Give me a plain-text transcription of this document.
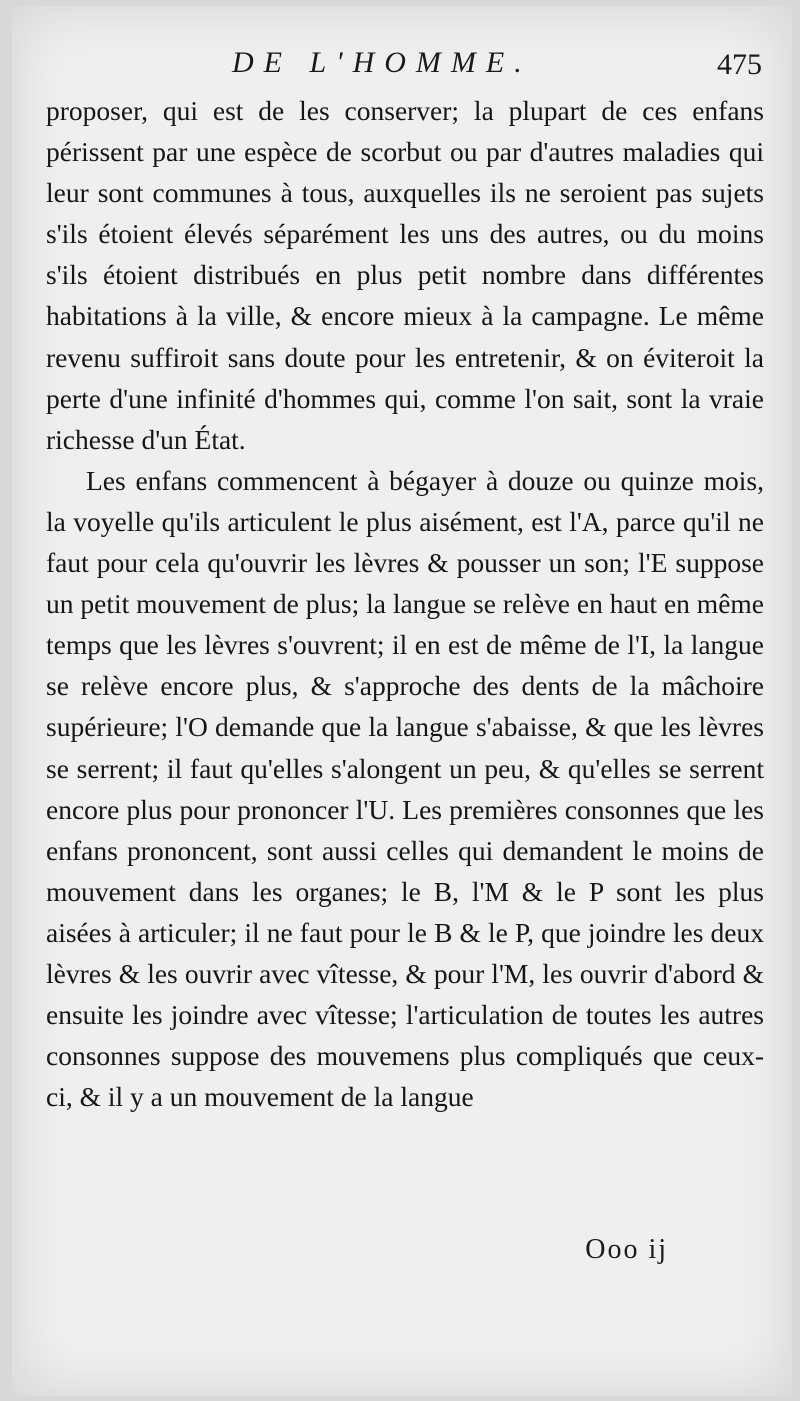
DE L'HOMME.	475

proposer, qui est de les conserver; la plupart de ces enfans périssent par une espèce de scorbut ou par d'autres maladies qui leur sont communes à tous, auxquelles ils ne seroient pas sujets s'ils étoient élevés séparément les uns des autres, ou du moins s'ils étoient distribués en plus petit nombre dans différentes habitations à la ville, & encore mieux à la campagne. Le même revenu suffiroit sans doute pour les entretenir, & on éviteroit la perte d'une infinité d'hommes qui, comme l'on sait, sont la vraie richesse d'un État.

Les enfans commencent à bégayer à douze ou quinze mois, la voyelle qu'ils articulent le plus aisément, est l'A, parce qu'il ne faut pour cela qu'ouvrir les lèvres & pousser un son; l'E suppose un petit mouvement de plus; la langue se relève en haut en même temps que les lèvres s'ouvrent; il en est de même de l'I, la langue se relève encore plus, & s'approche des dents de la mâchoire supérieure; l'O demande que la langue s'abaisse, & que les lèvres se serrent; il faut qu'elles s'alongent un peu, & qu'elles se serrent encore plus pour prononcer l'U. Les premières consonnes que les enfans prononcent, sont aussi celles qui demandent le moins de mouvement dans les organes; le B, l'M & le P sont les plus aisées à articuler; il ne faut pour le B & le P, que joindre les deux lèvres & les ouvrir avec vîtesse, & pour l'M, les ouvrir d'abord & ensuite les joindre avec vîtesse; l'articulation de toutes les autres consonnes suppose des mouvemens plus compliqués que ceux-ci, & il y a un mouvement de la langue

Ooo ij
